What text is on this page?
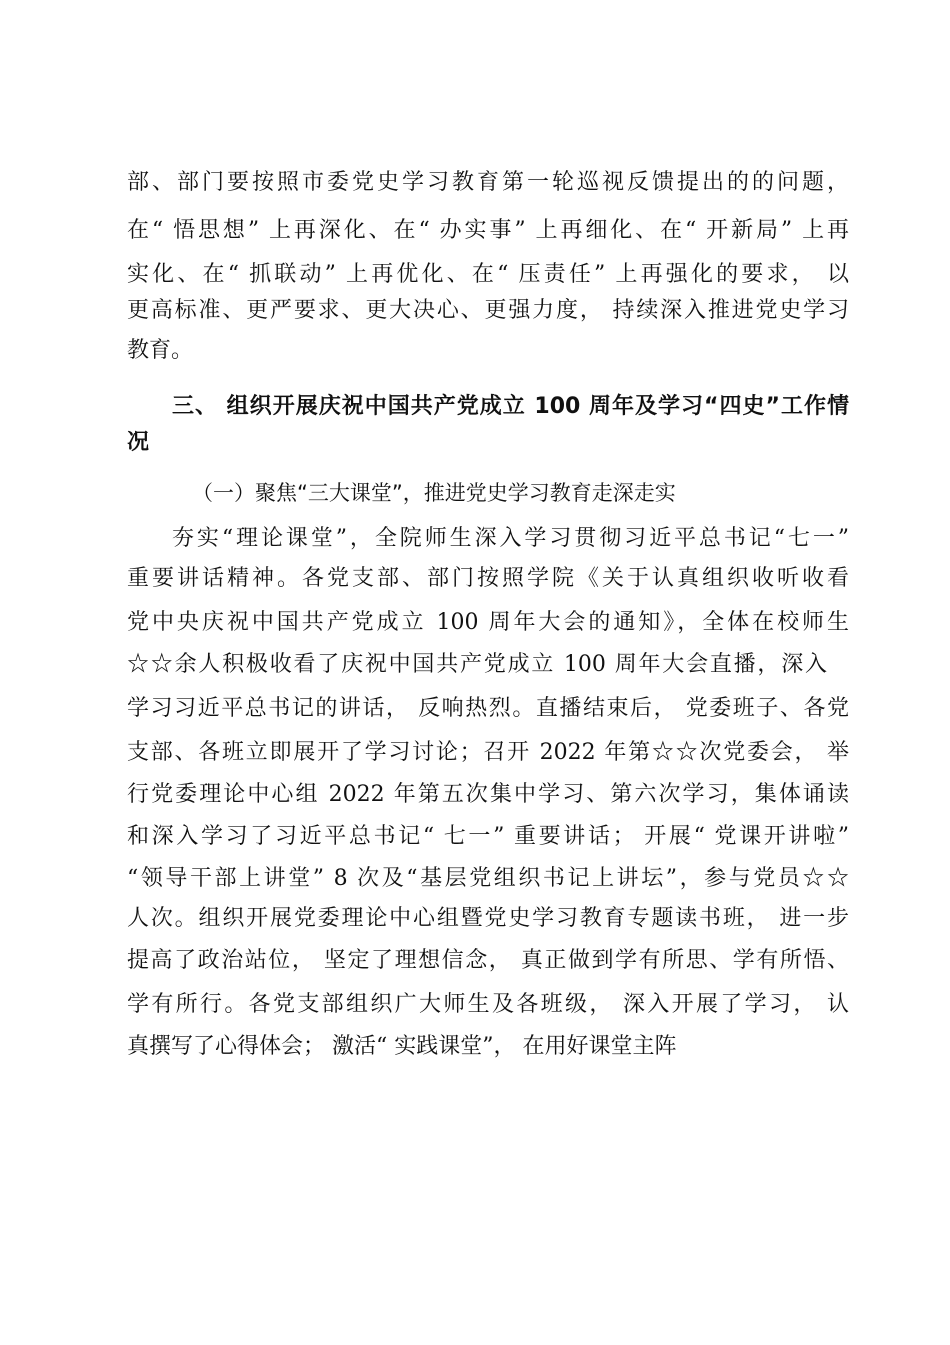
部、部门要按照市委党史学习教育第一轮巡视反馈提出的的问题，
在“ 悟思想” 上再深化、在“ 办实事” 上再细化、在“ 开新局” 上再
实化、在“ 抓联动” 上再优化、在“ 压责任” 上再强化的要求， 以
更高标准、更严要求、更大决心、更强力度， 持续深入推进党史学习
教育。
三、 组织开展庆祝中国共产党成立 100 周年及学习“四史”工作情
况
（一）聚焦“三大课堂”，推进党史学习教育走深走实
夯实“理论课堂”，全院师生深入学习贯彻习近平总书记“七一”
重要讲话精神。各党支部、部门按照学院《关于认真组织收听收看
党中央庆祝中国共产党成立 100 周年大会的通知》，全体在校师生
☆☆余人积极收看了庆祝中国共产党成立 100 周年大会直播，深入
学习习近平总书记的讲话， 反响热烈。直播结束后， 党委班子、各党
支部、各班立即展开了学习讨论；召开 2022 年第☆☆次党委会， 举
行党委理论中心组 2022 年第五次集中学习、第六次学习，集体诵读
和深入学习了习近平总书记“ 七一” 重要讲话； 开展“ 党课开讲啦”
“领导干部上讲堂” 8 次及“基层党组织书记上讲坛”，参与党员☆☆
人次。组织开展党委理论中心组暨党史学习教育专题读书班， 进一步
提高了政治站位， 坚定了理想信念， 真正做到学有所思、学有所悟、
学有所行。各党支部组织广大师生及各班级， 深入开展了学习， 认
真撰写了心得体会； 激活“ 实践课堂”， 在用好课堂主阵
